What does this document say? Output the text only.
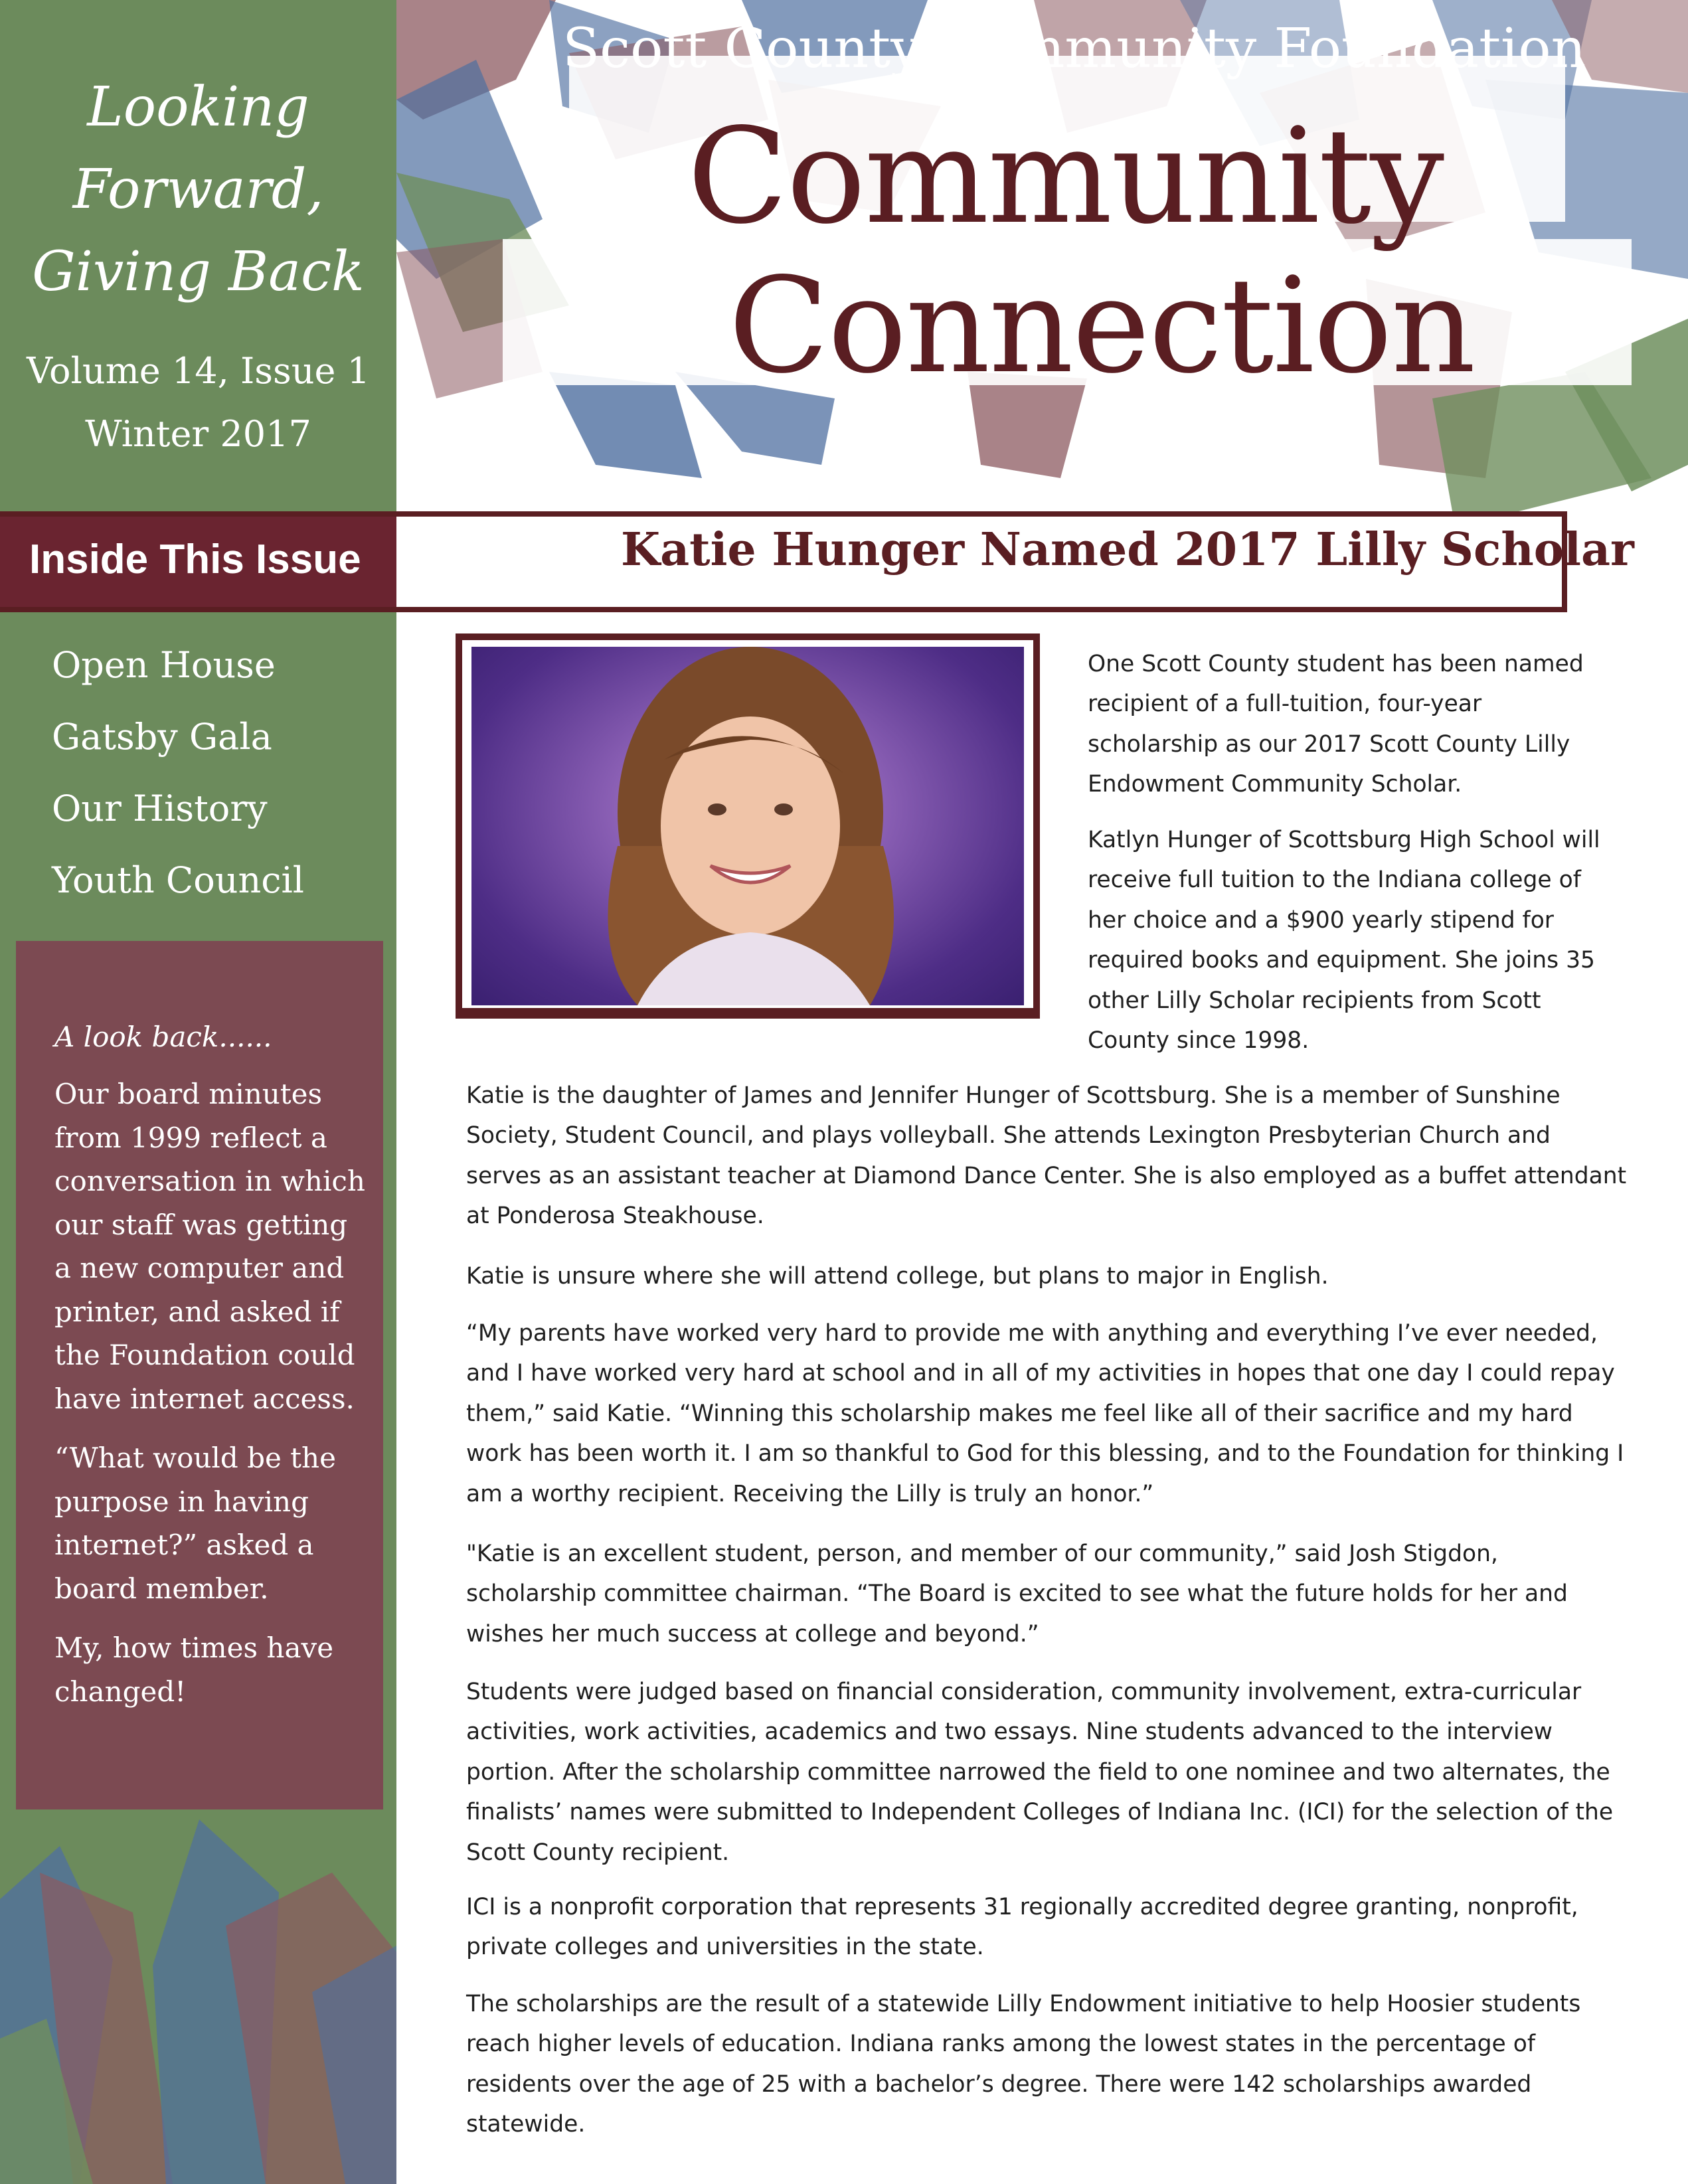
Looking
Forward,
Giving Back
Volume 14, Issue 1
Winter 2017
Inside This Issue
Open House
Gatsby Gala
Our History
Youth Council
A look back......
Our board minutes from 1999 reflect a conversation in which our staff was getting a new computer and printer, and asked if the Foundation could have internet access.
“What would be the purpose in having internet?” asked a board member.
My, how times have changed!
Scott County Community Foundation
Community
Connection
Katie Hunger Named 2017 Lilly Scholar
One Scott County student has been named recipient of a full-tuition, four-year scholarship as our 2017 Scott County Lilly Endowment Community Scholar.
Katlyn Hunger of Scottsburg High School will receive full tuition to the Indiana college of her choice and a $900 yearly stipend for required books and equipment. She joins 35 other Lilly Scholar recipients from Scott County since 1998.
Katie is the daughter of James and Jennifer Hunger of Scottsburg. She is a member of Sunshine Society, Student Council, and plays volleyball. She attends Lexington Presbyterian Church and serves as an assistant teacher at Diamond Dance Center. She is also employed as a buffet attendant at Ponderosa Steakhouse.
Katie is unsure where she will attend college, but plans to major in English.
“My parents have worked very hard to provide me with anything and everything I’ve ever needed, and I have worked very hard at school and in all of my activities in hopes that one day I could repay them,” said Katie. “Winning this scholarship makes me feel like all of their sacrifice and my hard work has been worth it. I am so thankful to God for this blessing, and to the Foundation for thinking I am a worthy recipient. Receiving the Lilly is truly an honor.”
"Katie is an excellent student, person, and member of our community,” said Josh Stigdon, scholarship committee chairman. “The Board is excited to see what the future holds for her and wishes her much success at college and beyond.”
Students were judged based on financial consideration, community involvement, extra-curricular activities, work activities, academics and two essays. Nine students advanced to the interview portion. After the scholarship committee narrowed the field to one nominee and two alternates, the finalists’ names were submitted to Independent Colleges of Indiana Inc. (ICI) for the selection of the Scott County recipient.
ICI is a nonprofit corporation that represents 31 regionally accredited degree granting, nonprofit, private colleges and universities in the state.
The scholarships are the result of a statewide Lilly Endowment initiative to help Hoosier students reach higher levels of education. Indiana ranks among the lowest states in the percentage of residents over the age of 25 with a bachelor’s degree. There were 142 scholarships awarded statewide.
